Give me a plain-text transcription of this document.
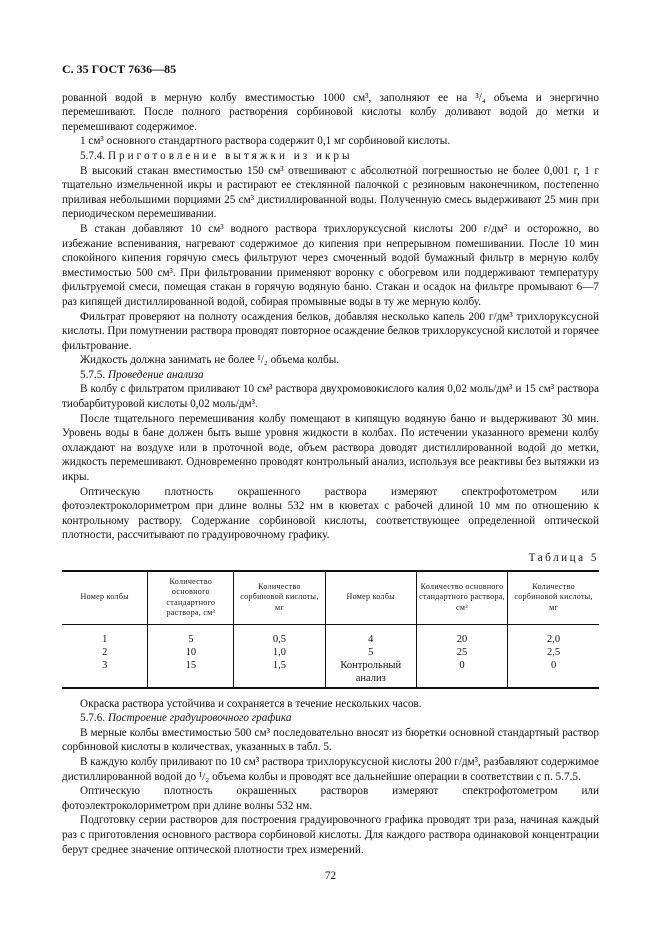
С. 35 ГОСТ 7636—85

рованной водой в мерную колбу вместимостью 1000 см³, заполняют ее на ³/₄ объема и энергично перемешивают. После полного растворения сорбиновой кислоты колбу доливают водой до метки и перемешивают содержимое.

1 см³ основного стандартного раствора содержит 0,1 мг сорбиновой кислоты.

5.7.4. Приготовление вытяжки из икры

В высокий стакан вместимостью 150 см³ отвешивают с абсолютной погрешностью не более 0,001 г, 1 г тщательно измельченной икры и растирают ее стеклянной палочкой с резиновым наконечником, постепенно приливая небольшими порциями 25 см³ дистиллированной воды. Полученную смесь выдерживают 25 мин при периодическом перемешивании.

В стакан добавляют 10 см³ водного раствора трихлоруксусной кислоты 200 г/дм³ и осторожно, во избежание вспенивания, нагревают содержимое до кипения при непрерывном помешивании. После 10 мин спокойного кипения горячую смесь фильтруют через смоченный водой бумажный фильтр в мерную колбу вместимостью 500 см³. При фильтровании применяют воронку с обогревом или поддерживают температуру фильтруемой смеси, помещая стакан в горячую водяную баню. Стакан и осадок на фильтре промывают 6—7 раз кипящей дистиллированной водой, собирая промывные воды в ту же мерную колбу.

Фильтрат проверяют на полноту осаждения белков, добавляя несколько капель 200 г/дм³ трихлоруксусной кислоты. При помутнении раствора проводят повторное осаждение белков трихлоруксусной кислотой и горячее фильтрование.

Жидкость должна занимать не более ¹/₂ объема колбы.

5.7.5. Проведение анализа

В колбу с фильтратом приливают 10 см³ раствора двухромовокислого калия 0,02 моль/дм³ и 15 см³ раствора тиобарбитуровой кислоты 0,02 моль/дм³.

После тщательного перемешивания колбу помещают в кипящую водяную баню и выдерживают 30 мин. Уровень воды в бане должен быть выше уровня жидкости в колбах. По истечении указанного времени колбу охлаждают на воздухе или в проточной воде, объем раствора доводят дистиллированной водой до метки, жидкость перемешивают. Одновременно проводят контрольный анализ, используя все реактивы без вытяжки из икры.

Оптическую плотность окрашенного раствора измеряют спектрофотометром или фотоэлектроколориметром при длине волны 532 нм в кюветах с рабочей длиной 10 мм по отношению к контрольному раствору. Содержание сорбиновой кислоты, соответствующее определенной оптической плотности, рассчитывают по градуировочному графику.

Таблица 5
Номер колбы	Количество основного стандартного раствора, см³	Количество сорбиновой кислоты, мг	Номер колбы	Количество основного стандартного раствора, см³	Количество сорбиновой кислоты, мг
1	5	0,5	4	20	2,0
2	10	1,0	5	25	2,5
3	15	1,5	Контрольный анализ	0	0

Окраска раствора устойчива и сохраняется в течение нескольких часов.

5.7.6. Построение градуировочного графика

В мерные колбы вместимостью 500 см³ последовательно вносят из бюретки основной стандартный раствор сорбиновой кислоты в количествах, указанных в табл. 5.

В каждую колбу приливают по 10 см³ раствора трихлоруксусной кислоты 200 г/дм³, разбавляют содержимое дистиллированной водой до ¹/₂ объема колбы и проводят все дальнейшие операции в соответствии с п. 5.7.5.

Оптическую плотность окрашенных растворов измеряют спектрофотометром или фотоэлектроколориметром при длине волны 532 нм.

Подготовку серии растворов для построения градуировочного графика проводят три раза, начиная каждый раз с приготовления основного раствора сорбиновой кислоты. Для каждого раствора одинаковой концентрации берут среднее значение оптической плотности трех измерений.

72
